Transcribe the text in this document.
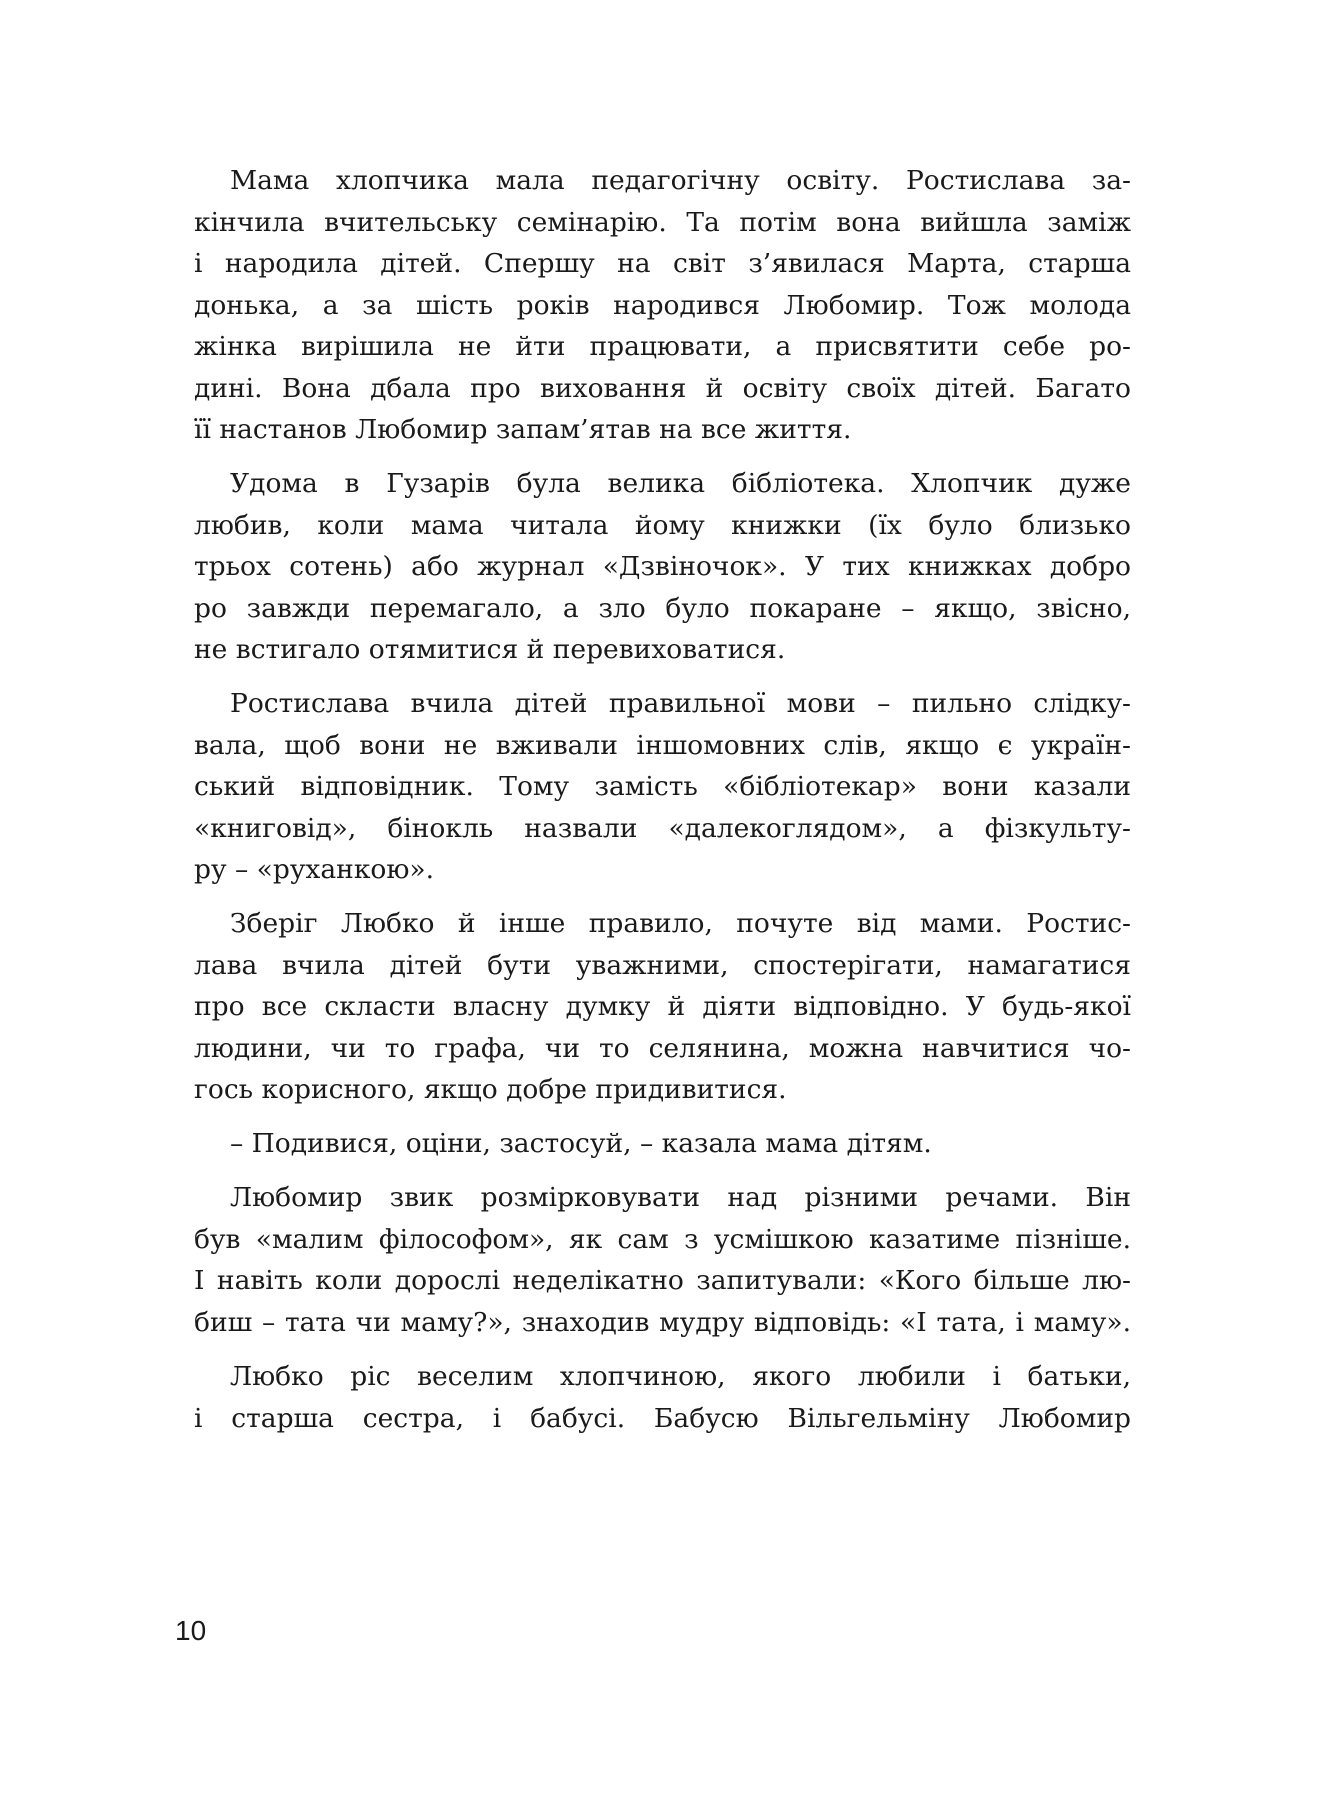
Мама хлопчика мала педагогічну освіту. Ростислава за-
кінчила вчительську семінарію. Та потім вона вийшла заміж
і народила дітей. Спершу на світ з’явилася Марта, старша
донька, а за шість років народився Любомир. Тож молода
жінка вирішила не йти працювати, а присвятити себе ро-
дині. Вона дбала про виховання й освіту своїх дітей. Багато
її настанов Любомир запам’ятав на все життя.

Удома в Гузарів була велика бібліотека. Хлопчик дуже
любив, коли мама читала йому книжки (їх було близько
трьох сотень) або журнал «Дзвіночок». У тих книжках добро
ро завжди перемагало, а зло було покаране – якщо, звісно,
не встигало отямитися й перевиховатися.

Ростислава вчила дітей правильної мови – пильно слідку-
вала, щоб вони не вживали іншомовних слів, якщо є україн-
ський відповідник. Тому замість «бібліотекар» вони казали
«книговід», бінокль назвали «далекоглядом», а фізкульту-
ру – «руханкою».

Зберіг Любко й інше правило, почуте від мами. Ростис-
лава вчила дітей бути уважними, спостерігати, намагатися
про все скласти власну думку й діяти відповідно. У будь-якої
людини, чи то графа, чи то селянина, можна навчитися чо-
гось корисного, якщо добре придивитися.

– Подивися, оціни, застосуй, – казала мама дітям.

Любомир звик розмірковувати над різними речами. Він
був «малим філософом», як сам з усмішкою казатиме пізніше.
І навіть коли дорослі неделікатно запитували: «Кого більше лю-
биш – тата чи маму?», знаходив мудру відповідь: «І тата, і маму».

Любко ріс веселим хлопчиною, якого любили і батьки,
і старша сестра, і бабусі. Бабусю Вільгельміну Любомир

10
